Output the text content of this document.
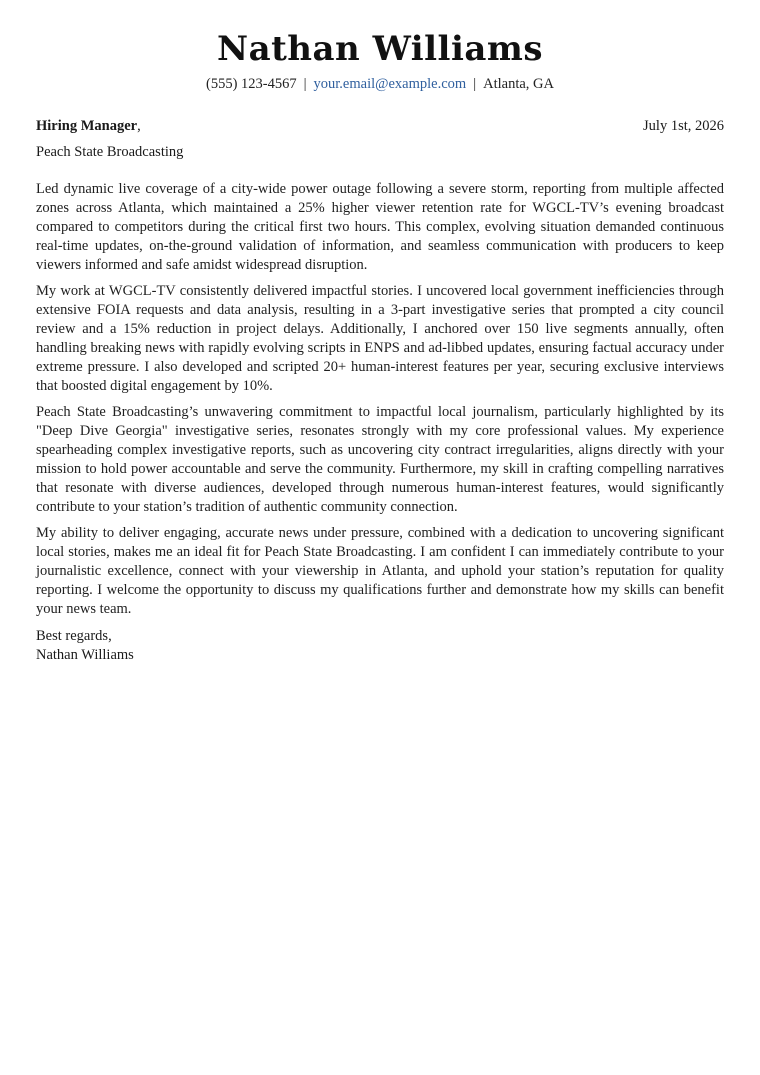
Nathan Williams
(555) 123-4567 | your.email@example.com | Atlanta, GA
Hiring Manager,	July 1st, 2026
Peach State Broadcasting

Led dynamic live coverage of a city-wide power outage following a severe storm, reporting from multiple affected zones across Atlanta, which maintained a 25% higher viewer retention rate for WGCL-TV’s evening broadcast compared to competitors during the critical first two hours. This complex, evolving situation demanded continuous real-time updates, on-the-ground validation of information, and seamless communication with producers to keep viewers informed and safe amidst widespread disruption.

My work at WGCL-TV consistently delivered impactful stories. I uncovered local government inefficiencies through extensive FOIA requests and data analysis, resulting in a 3-part investigative series that prompted a city council review and a 15% reduction in project delays. Additionally, I anchored over 150 live segments annually, often handling breaking news with rapidly evolving scripts in ENPS and ad-libbed updates, ensuring factual accuracy under extreme pressure. I also developed and scripted 20+ human-interest features per year, securing exclusive interviews that boosted digital engagement by 10%.

Peach State Broadcasting’s unwavering commitment to impactful local journalism, particularly highlighted by its "Deep Dive Georgia" investigative series, resonates strongly with my core professional values. My experience spearheading complex investigative reports, such as uncovering city contract irregularities, aligns directly with your mission to hold power accountable and serve the community. Furthermore, my skill in crafting compelling narratives that resonate with diverse audiences, developed through numerous human-interest features, would significantly contribute to your station’s tradition of authentic community connection.

My ability to deliver engaging, accurate news under pressure, combined with a dedication to uncovering significant local stories, makes me an ideal fit for Peach State Broadcasting. I am confident I can immediately contribute to your journalistic excellence, connect with your viewership in Atlanta, and uphold your station’s reputation for quality reporting. I welcome the opportunity to discuss my qualifications further and demonstrate how my skills can benefit your news team.

Best regards,
Nathan Williams
